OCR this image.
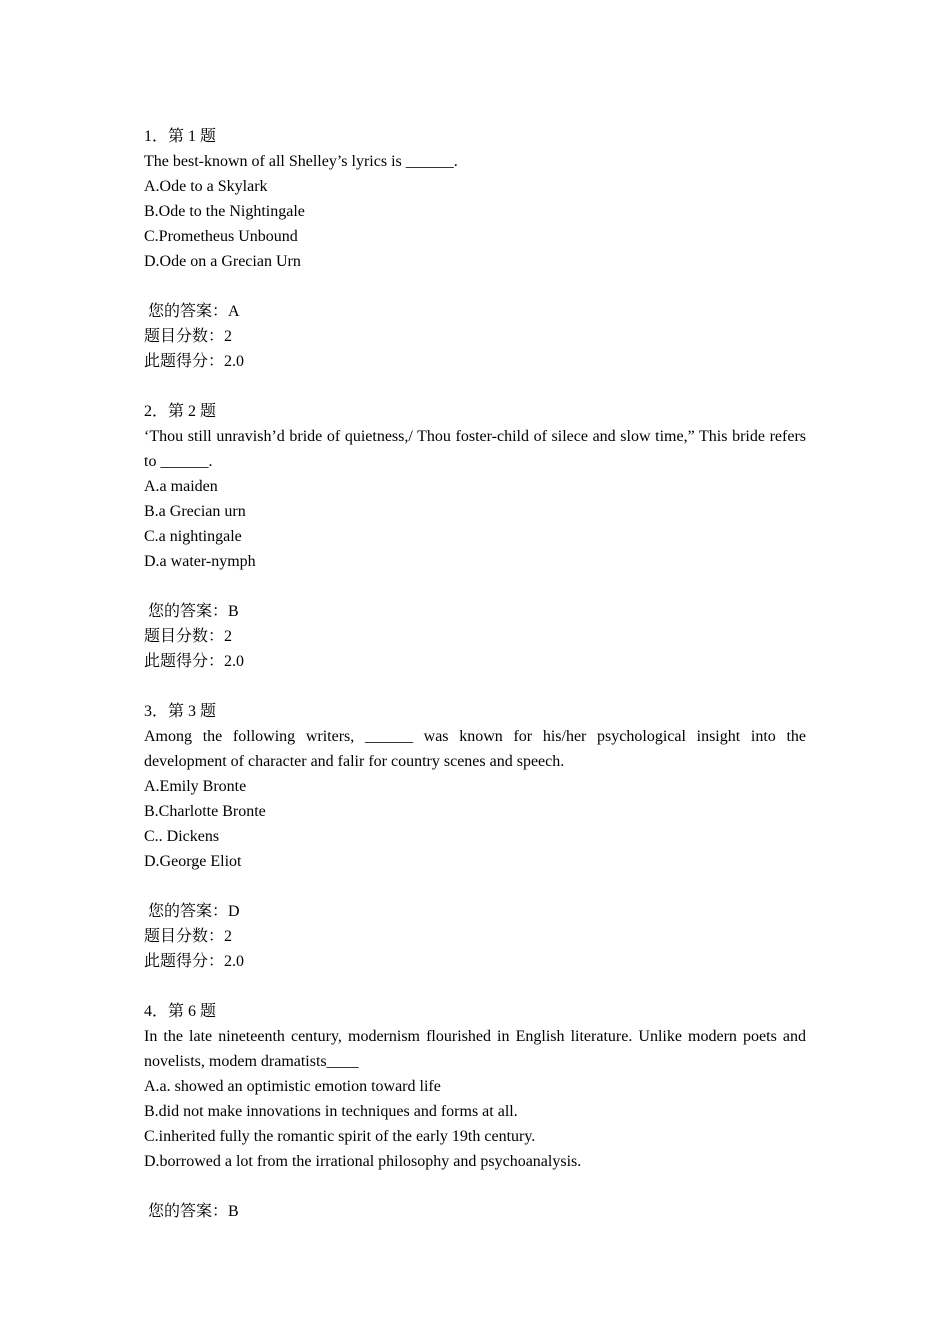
1．第 1 题
The best-known of all Shelley’s lyrics is ______.
A.Ode to a Skylark
B.Ode to the Nightingale
C.Prometheus Unbound
D.Ode on a Grecian Urn
您的答案：A
题目分数：2
此题得分：2.0
2．第 2 题
‘Thou still unravish’d bride of quietness,/ Thou foster-child of silece and slow time,” This bride refers to ______.
A.a maiden
B.a Grecian urn
C.a nightingale
D.a water-nymph
您的答案：B
题目分数：2
此题得分：2.0
3．第 3 题
Among the following writers, ______ was known for his/her psychological insight into the development of character and falir for country scenes and speech.
A.Emily Bronte
B.Charlotte Bronte
C.. Dickens
D.George Eliot
您的答案：D
题目分数：2
此题得分：2.0
4．第 6 题
In the late nineteenth century, modernism flourished in English literature. Unlike modern poets and novelists, modem dramatists____
A.a. showed an optimistic emotion toward life
B.did not make innovations in techniques and forms at all.
C.inherited fully the romantic spirit of the early 19th century.
D.borrowed a lot from the irrational philosophy and psychoanalysis.
您的答案：B
